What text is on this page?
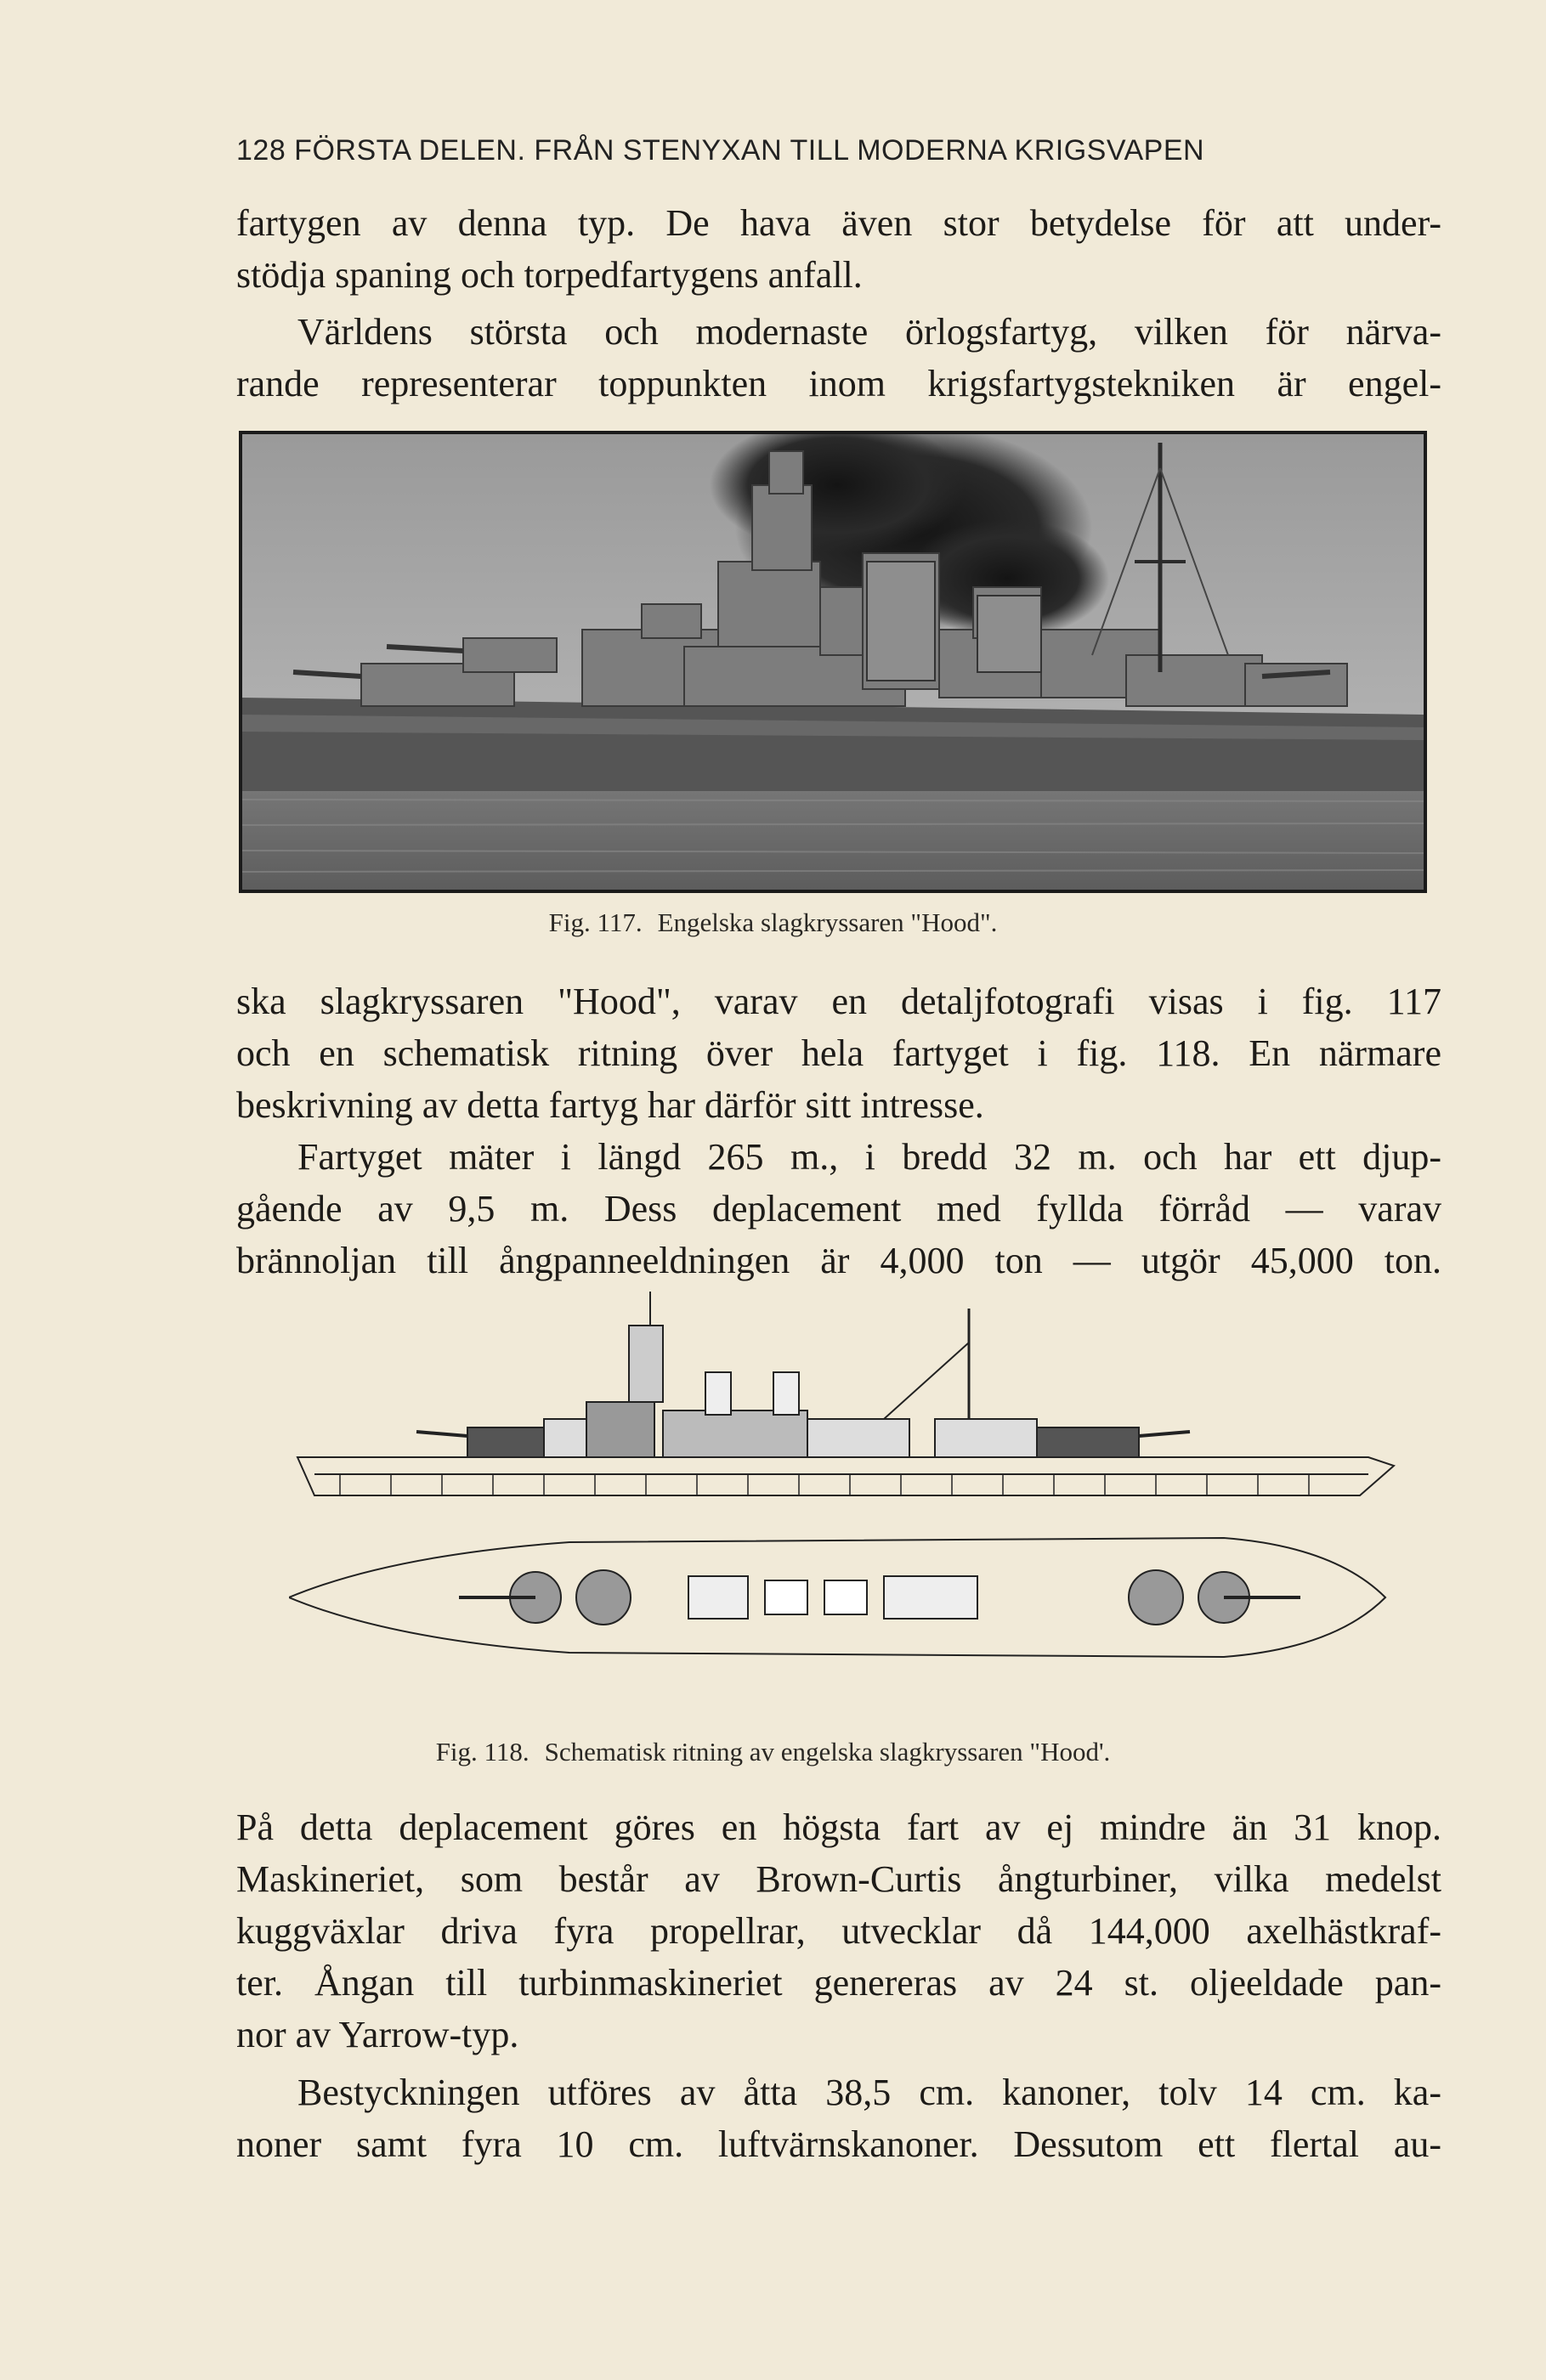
128 FÖRSTA DELEN. FRÅN STENYXAN TILL MODERNA KRIGSVAPEN

fartygen av denna typ. De hava även stor betydelse för att under-

stödja spaning och torpedfartygens anfall.

Världens största och modernaste örlogsfartyg, vilken för närva-

rande representerar toppunkten inom krigsfartygstekniken är engel-

Fig. 117. Engelska slagkryssaren "Hood".

ska slagkryssaren "Hood", varav en detaljfotografi visas i fig. 117

och en schematisk ritning över hela fartyget i fig. 118. En närmare

beskrivning av detta fartyg har därför sitt intresse.

Fartyget mäter i längd 265 m., i bredd 32 m. och har ett djup-

gående av 9,5 m. Dess deplacement med fyllda förråd — varav

brännoljan till ångpanneeldningen är 4,000 ton — utgör 45,000 ton.

Fig. 118. Schematisk ritning av engelska slagkryssaren "Hood'.

På detta deplacement göres en högsta fart av ej mindre än 31 knop.

Maskineriet, som består av Brown-Curtis ångturbiner, vilka medelst

kuggväxlar driva fyra propellrar, utvecklar då 144,000 axelhästkraf-

ter. Ångan till turbinmaskineriet genereras av 24 st. oljeeldade pan-

nor av Yarrow-typ.

Bestyckningen utföres av åtta 38,5 cm. kanoner, tolv 14 cm. ka-

noner samt fyra 10 cm. luftvärnskanoner. Dessutom ett flertal au-
